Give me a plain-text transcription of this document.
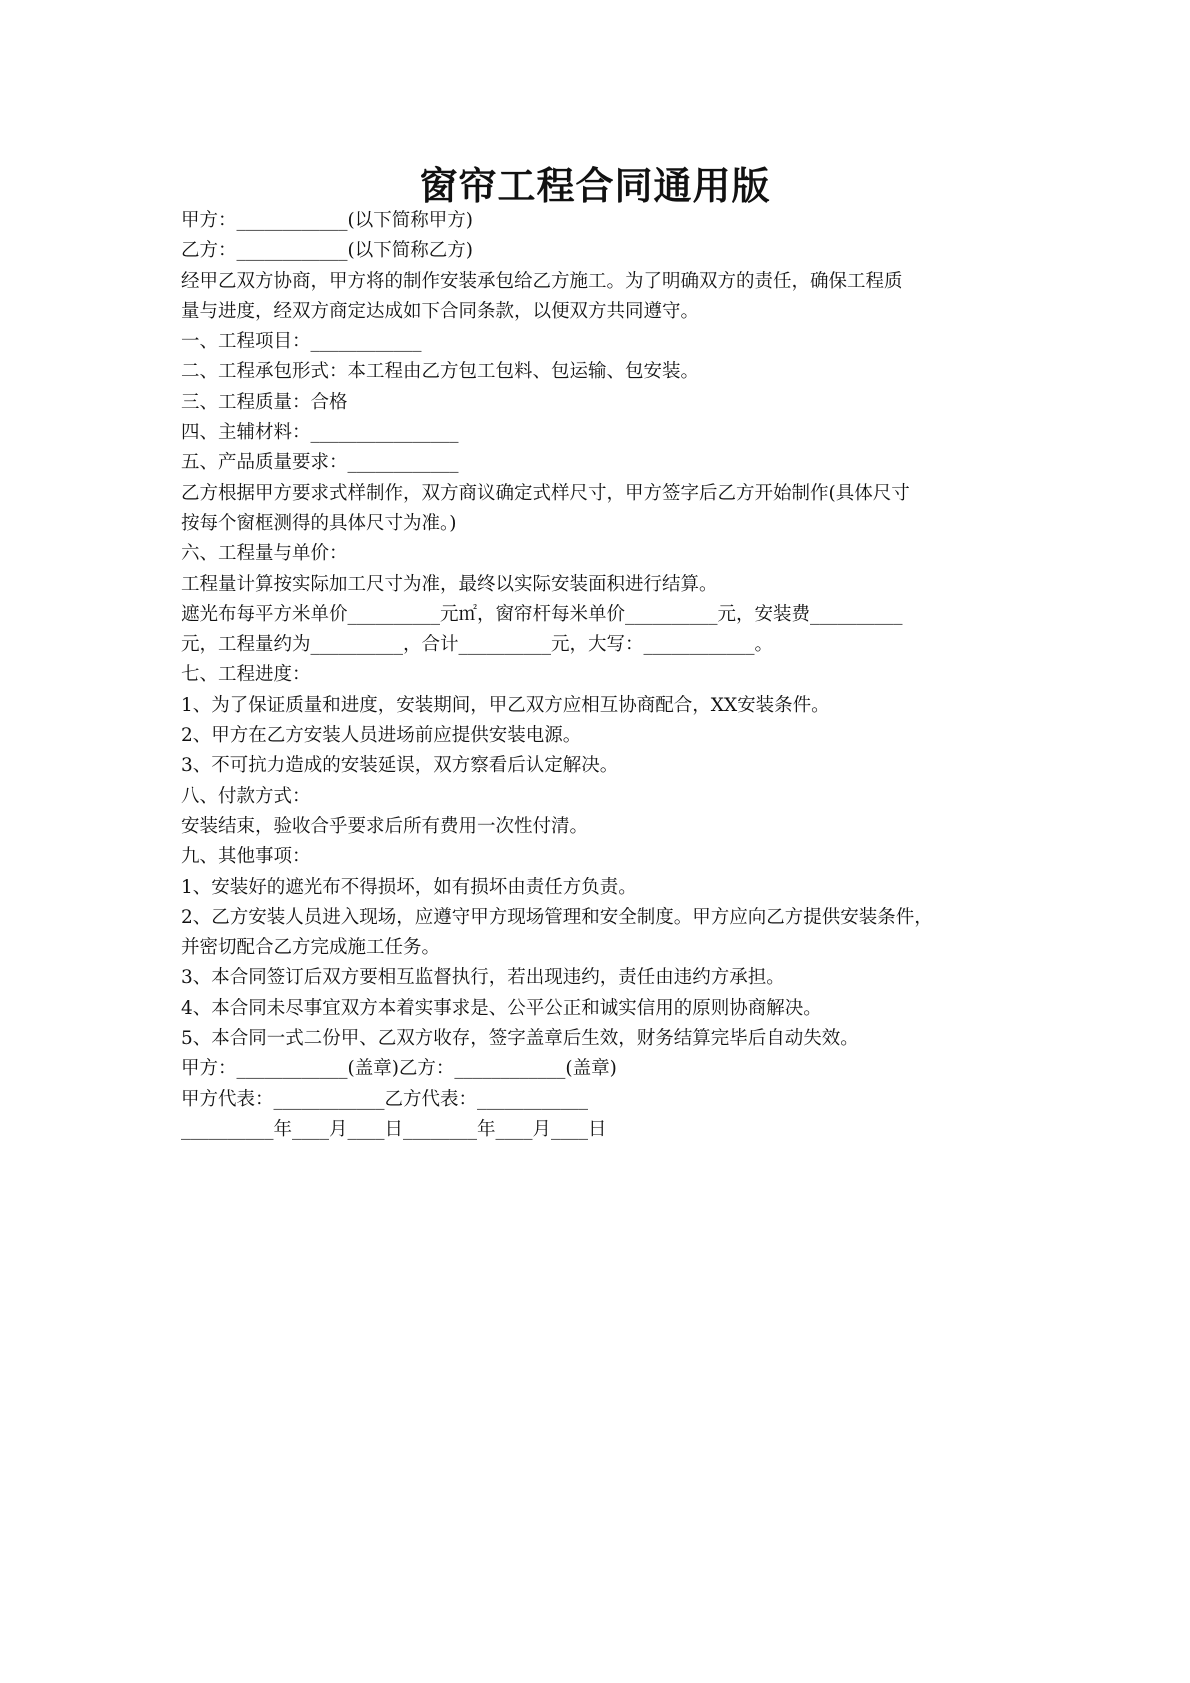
窗帘工程合同通用版
甲方：____________(以下简称甲方)
乙方：____________(以下简称乙方)
经甲乙双方协商，甲方将的制作安装承包给乙方施工。为了明确双方的责任，确保工程质
量与进度，经双方商定达成如下合同条款，以便双方共同遵守。
一、工程项目：____________
二、工程承包形式：本工程由乙方包工包料、包运输、包安装。
三、工程质量：合格
四、主辅材料：________________
五、产品质量要求：____________
乙方根据甲方要求式样制作，双方商议确定式样尺寸，甲方签字后乙方开始制作(具体尺寸
按每个窗框测得的具体尺寸为准。)
六、工程量与单价：
工程量计算按实际加工尺寸为准，最终以实际安装面积进行结算。
遮光布每平方米单价__________元㎡，窗帘杆每米单价__________元，安装费__________
元，工程量约为__________，合计__________元，大写：____________。
七、工程进度：
1、为了保证质量和进度，安装期间，甲乙双方应相互协商配合，XX安装条件。
2、甲方在乙方安装人员进场前应提供安装电源。
3、不可抗力造成的安装延误，双方察看后认定解决。
八、付款方式：
安装结束，验收合乎要求后所有费用一次性付清。
九、其他事项：
1、安装好的遮光布不得损坏，如有损坏由责任方负责。
2、乙方安装人员进入现场，应遵守甲方现场管理和安全制度。甲方应向乙方提供安装条件，
并密切配合乙方完成施工任务。
3、本合同签订后双方要相互监督执行，若出现违约，责任由违约方承担。
4、本合同未尽事宜双方本着实事求是、公平公正和诚实信用的原则协商解决。
5、本合同一式二份甲、乙双方收存，签字盖章后生效，财务结算完毕后自动失效。
甲方：____________(盖章)乙方：____________(盖章)
甲方代表：____________乙方代表：____________
__________年____月____日________年____月____日
